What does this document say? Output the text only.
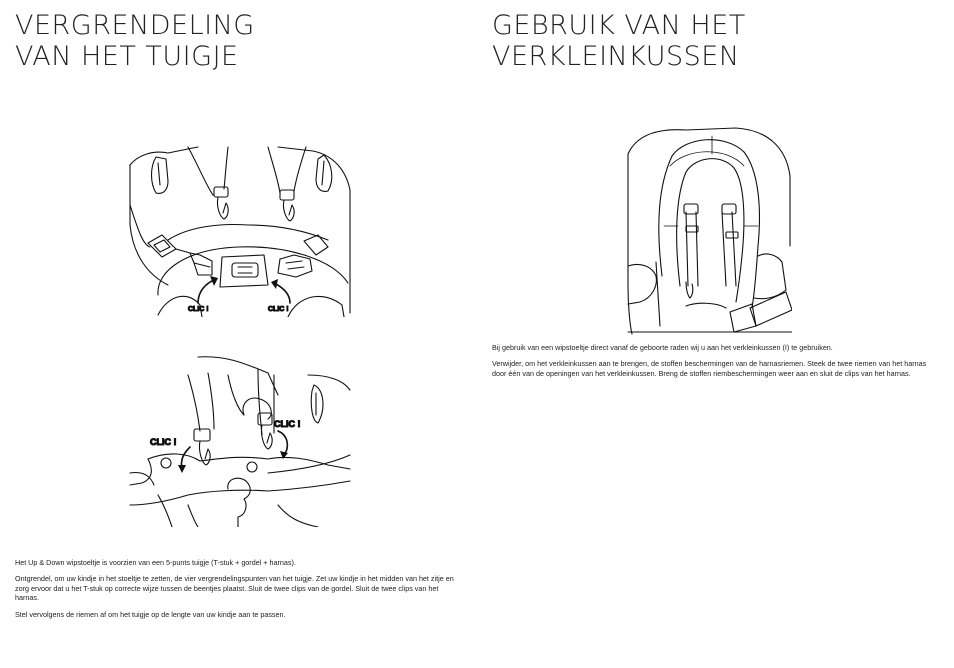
VERGRENDELING
VAN HET TUIGJE
GEBRUIK VAN HET
VERKLEINKUSSEN
CLIC !	CLIC !
CLIC !
CLIC !

Het Up & Down wipstoeltje is voorzien van een 5-punts tuigje (T-stuk + gordel + harnas).

Ontgrendel, om uw kindje in het stoeltje te zetten, de vier vergrendelingspunten van het tuigje. Zet uw kindje in het midden van het zitje en zorg ervoor dat u het T-stuk op correcte wijze tussen de beentjes plaatst. Sluit de twee clips van de gordel. Sluit de twee clips van het harnas.

Stel vervolgens de riemen af om het tuigje op de lengte van uw kindje aan te passen.

Bij gebruik van een wipstoeltje direct vanaf de geboorte raden wij u aan het verkleinkussen (I) te gebruiken.

Verwijder, om het verkleinkussen aan te brengen, de stoffen beschermingen van de harnasriemen. Steek de twee riemen van het harnas door één van de openingen van het verkleinkussen. Breng de stoffen riembeschermingen weer aan en sluit de clips van het harnas.
